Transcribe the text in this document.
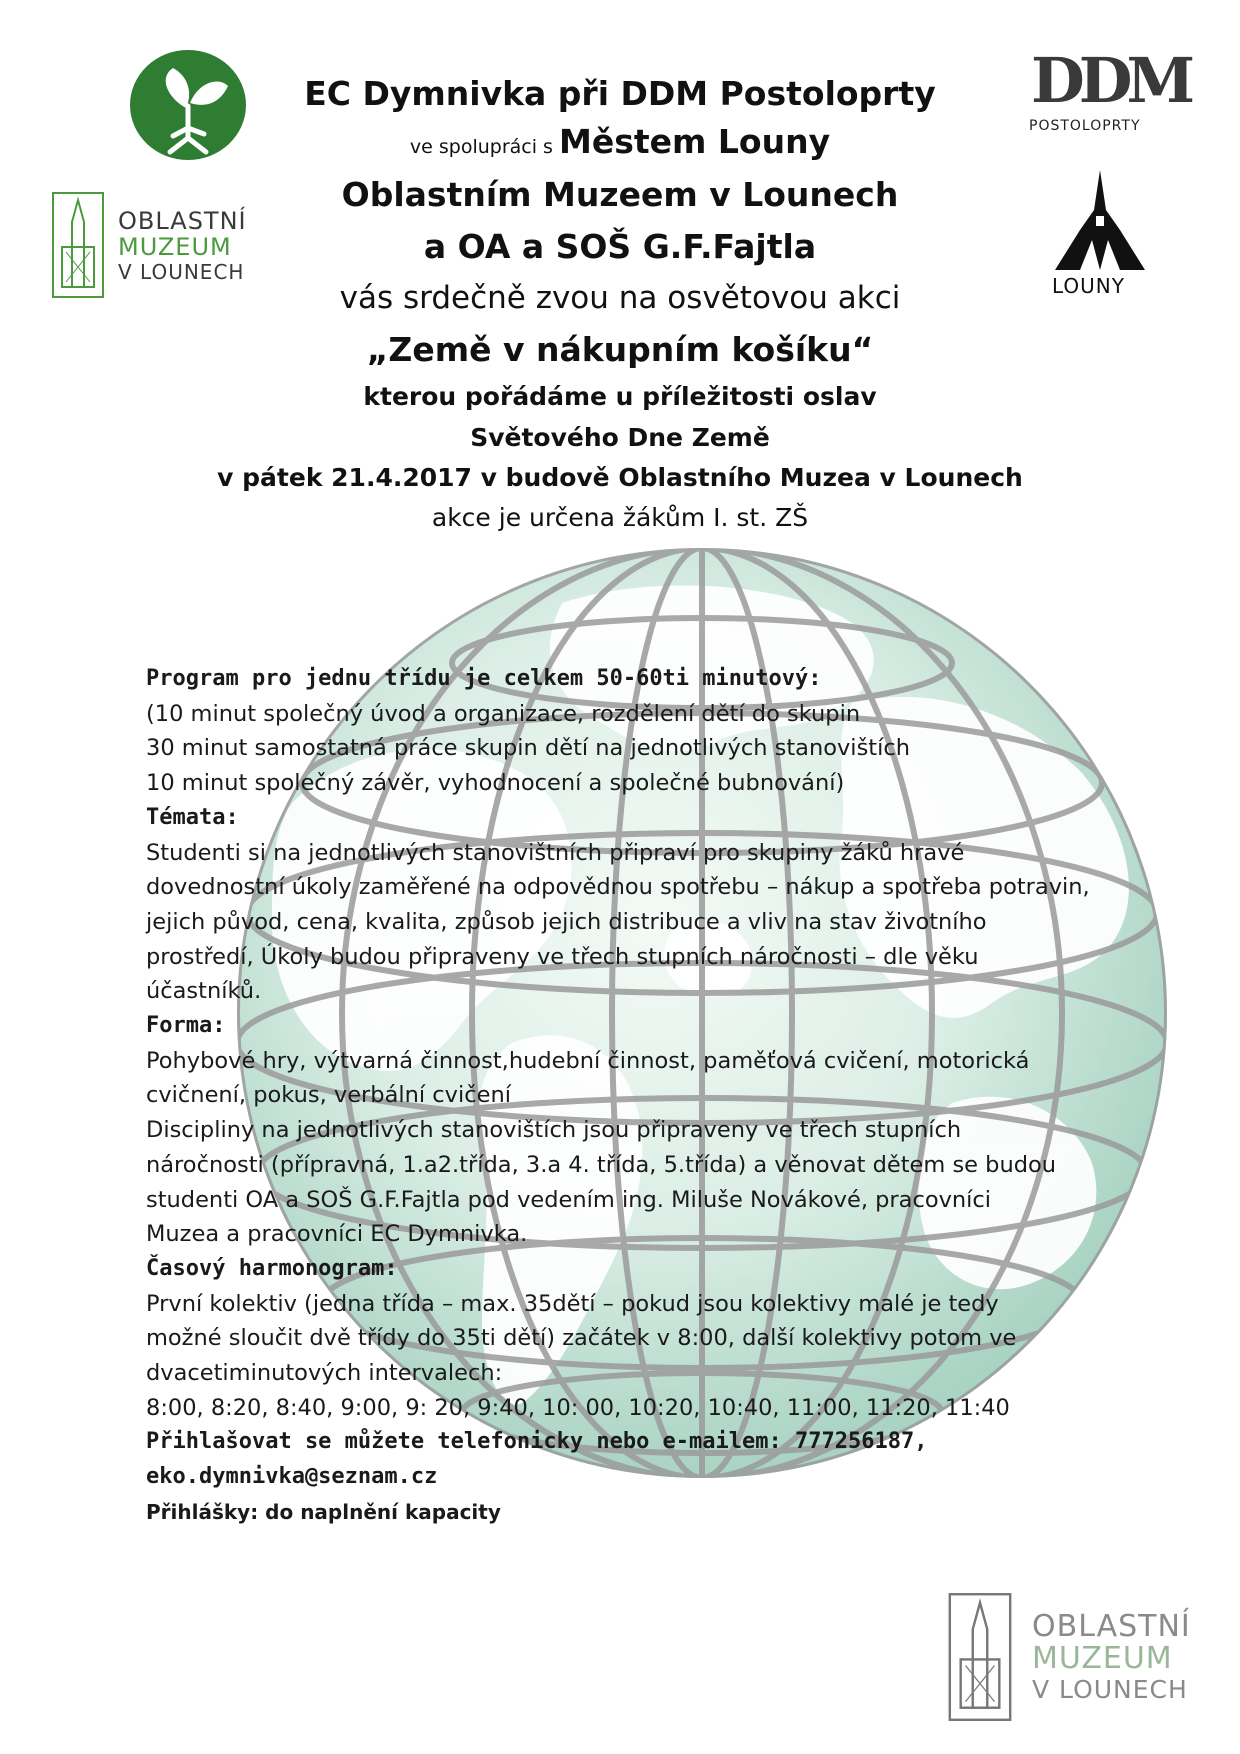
OBLASTNÍ
MUZEUM
V LOUNECH
DDM
POSTOLOPRTY
LOUNY
OBLASTNÍ
MUZEUM
V LOUNECH
EC Dymnivka při DDM Postoloprty
ve spolupráci s Městem Louny
Oblastním Muzeem v Lounech
a OA a SOŠ G.F.Fajtla
vás srdečně zvou na osvětovou akci
„Země v nákupním košíku“
kterou pořádáme u příležitosti oslav
Světového Dne Země
v pátek 21.4.2017 v budově Oblastního Muzea v Lounech
akce je určena žákům I. st. ZŠ
Program pro jednu třídu je celkem 50-60ti minutový:
(10 minut společný úvod a organizace, rozdělení dětí do skupin
30 minut samostatná práce skupin dětí na jednotlivých stanovištích
10 minut společný závěr, vyhodnocení a společné bubnování)
Témata:
Studenti si na jednotlivých stanovištních připraví pro skupiny žáků hravé
dovednostní úkoly zaměřené na odpovědnou spotřebu – nákup a spotřeba potravin,
jejich původ, cena, kvalita, způsob jejich distribuce a vliv na stav životního
prostředí, Úkoly budou připraveny ve třech stupních náročnosti – dle věku
účastníků.
Forma:
Pohybové hry, výtvarná činnost,hudební činnost, paměťová cvičení, motorická
cvičnení, pokus, verbální cvičení
Discipliny na jednotlivých stanovištích jsou připraveny ve třech stupních
náročnosti (přípravná, 1.a2.třída, 3.a 4. třída, 5.třída) a věnovat dětem se budou
studenti OA a SOŠ G.F.Fajtla pod vedením ing. Miluše Novákové, pracovníci
Muzea a pracovníci EC Dymnivka.
Časový harmonogram:
První kolektiv (jedna třída – max. 35dětí – pokud jsou kolektivy malé je tedy
možné sloučit dvě třídy do 35ti dětí) začátek v 8:00, další kolektivy potom ve
dvacetiminutových intervalech:
8:00, 8:20, 8:40, 9:00, 9: 20, 9:40, 10: 00, 10:20, 10:40, 11:00, 11:20, 11:40
Přihlašovat se můžete telefonicky nebo e-mailem: 777256187,
eko.dymnivka@seznam.cz
Přihlášky: do naplnění kapacity
